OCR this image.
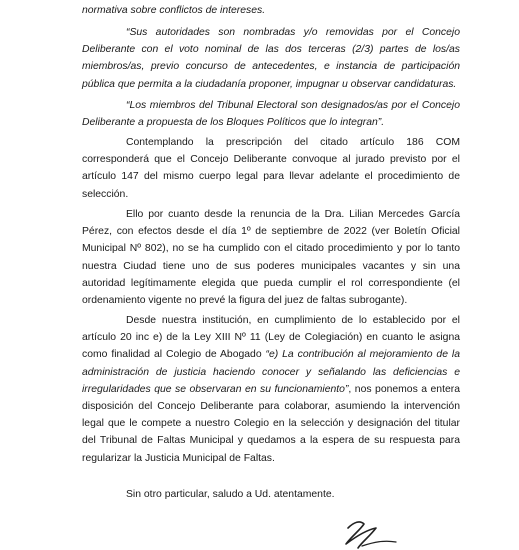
normativa sobre conflictos de intereses.

“Sus autoridades son nombradas y/o removidas por el Concejo Deliberante con el voto nominal de las dos terceras (2/3) partes de los/as miembros/as, previo concurso de antecedentes, e instancia de participación pública que permita a la ciudadanía proponer, impugnar u observar candidaturas.

“Los miembros del Tribunal Electoral son designados/as por el Concejo Deliberante a propuesta de los Bloques Políticos que lo integran”.

Contemplando la prescripción del citado artículo 186 COM corresponderá que el Concejo Deliberante convoque al jurado previsto por el artículo 147 del mismo cuerpo legal para llevar adelante el procedimiento de selección.

Ello por cuanto desde la renuncia de la Dra. Lilian Mercedes García Pérez, con efectos desde el día 1º de septiembre de 2022 (ver Boletín Oficial Municipal Nº 802), no se ha cumplido con el citado procedimiento y por lo tanto nuestra Ciudad tiene uno de sus poderes municipales vacantes y sin una autoridad legítimamente elegida que pueda cumplir el rol correspondiente (el ordenamiento vigente no prevé la figura del juez de faltas subrogante).

Desde nuestra institución, en cumplimiento de lo establecido por el artículo 20 inc e) de la Ley XIII Nº 11 (Ley de Colegiación) en cuanto le asigna como finalidad al Colegio de Abogado “e) La contribución al mejoramiento de la administración de justicia haciendo conocer y señalando las deficiencias e irregularidades que se observaran en su funcionamiento”, nos ponemos a entera disposición del Concejo Deliberante para colaborar, asumiendo la intervención legal que le compete a nuestro Colegio en la selección y designación del titular del Tribunal de Faltas Municipal y quedamos a la espera de su respuesta para regularizar la Justicia Municipal de Faltas.

Sin otro particular, saludo a Ud. atentamente.
